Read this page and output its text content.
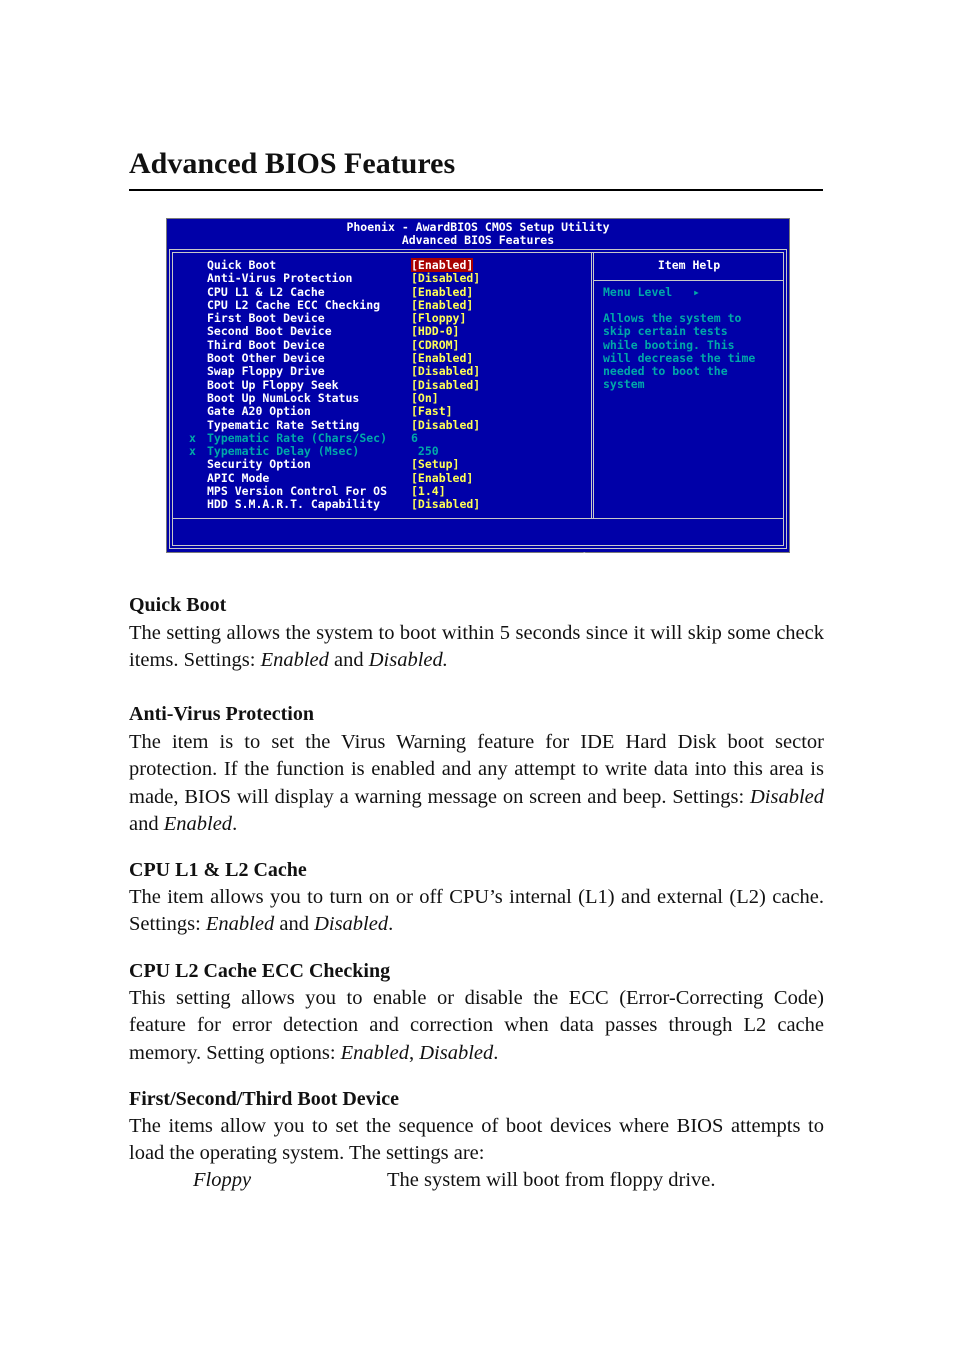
Advanced BIOS Features
Phoenix - AwardBIOS CMOS Setup Utility
Advanced BIOS Features
Quick Boot	[Enabled]
Anti-Virus Protection	[Disabled]
CPU L1 & L2 Cache	[Enabled]
CPU L2 Cache ECC Checking	[Enabled]
First Boot Device	[Floppy]
Second Boot Device	[HDD-0]
Third Boot Device	[CDROM]
Boot Other Device	[Enabled]
Swap Floppy Drive	[Disabled]
Boot Up Floppy Seek	[Disabled]
Boot Up NumLock Status	[On]
Gate A20 Option	[Fast]
Typematic Rate Setting	[Disabled]
x Typematic Rate (Chars/Sec) 6
x Typematic Delay (Msec)	250
Security Option	[Setup]
APIC Mode	[Enabled]
MPS Version Control For OS [1.4]
HDD S.M.A.R.T. Capability	[Disabled]
Item Help
Menu Level   ▸
Allows the system to
skip certain tests
while booting. This
will decrease the time
needed to boot the
system

↑↓→←:Move  Enter:Select  +/-/PU/PD:Value  F10:Save  ESC:Exit  F1:General Help

F5: Previous Values    F6: Fail-Safe Defaults    F7: Optimized Defaults

Quick Boot

The setting allows the system to boot within 5 seconds since it will skip some check items. Settings: Enabled and Disabled.

Anti-Virus Protection

The item is to set the Virus Warning feature for IDE Hard Disk boot sector protection. If the function is enabled and any attempt to write data into this area is made, BIOS will display a warning message on screen and beep. Settings: Disabled and Enabled.

CPU L1 & L2 Cache

The item allows you to turn on or off CPU’s internal (L1) and external (L2) cache. Settings: Enabled and Disabled.

CPU L2 Cache ECC Checking

This setting allows you to enable or disable the ECC (Error-Correcting Code) feature for error detection and correction when data passes through L2 cache memory. Setting options: Enabled, Disabled.

First/Second/Third Boot Device

The items allow you to set the sequence of boot devices where BIOS attempts to load the operating system. The settings are:

Floppy	The system will boot from floppy drive.
